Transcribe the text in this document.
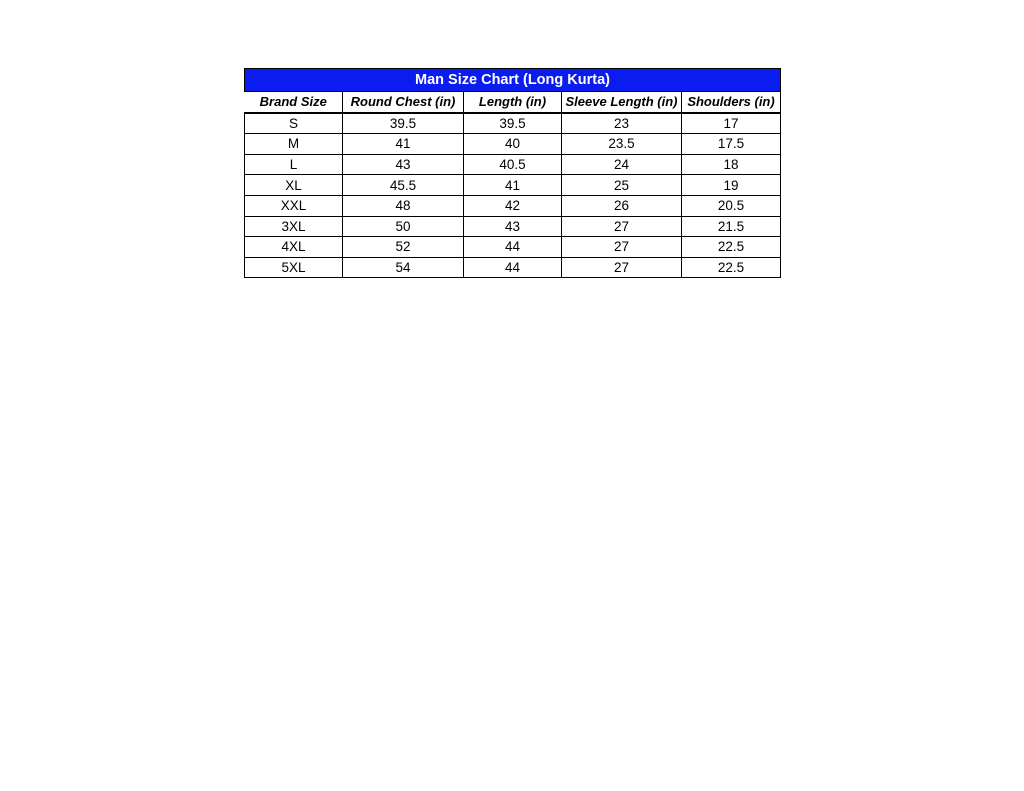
Man Size Chart (Long Kurta)				
Brand Size	Round Chest (in)	Length (in)	Sleeve Length (in)	Shoulders (in)
S	39.5	39.5	23	17
M	41	40	23.5	17.5
L	43	40.5	24	18
XL	45.5	41	25	19
XXL	48	42	26	20.5
3XL	50	43	27	21.5
4XL	52	44	27	22.5
5XL	54	44	27	22.5
